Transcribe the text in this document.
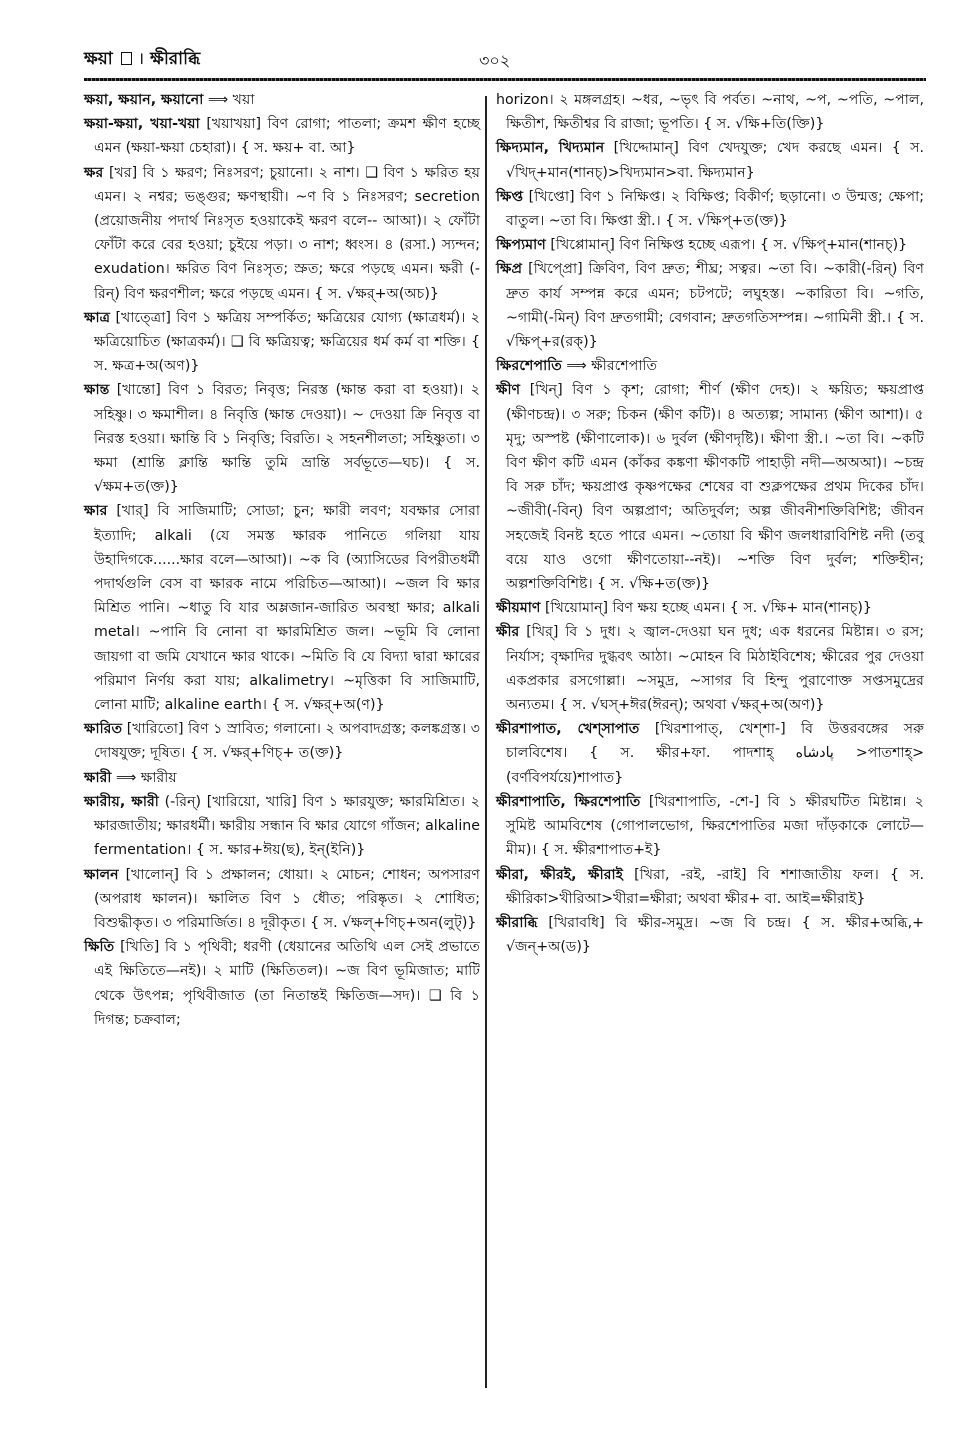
ক্ষয়া । ক্ষীরাব্ধি	৩০২

ক্ষয়া, ক্ষয়ান, ক্ষয়ানো ⟹ খয়া

ক্ষয়া-ক্ষয়া, খয়া-খয়া [খয়াখয়া] বিণ রোগা; পাতলা; ক্রমশ ক্ষীণ হচ্ছে এমন (ক্ষয়া-ক্ষয়া চেহারা)। { স. ক্ষয়+ বা. আ}

ক্ষর [খর] বি ১ ক্ষরণ; নিঃসরণ; চুয়ানো। ২ নাশ। ❑ বিণ ১ ক্ষরিত হয় এমন। ২ নশ্বর; ভঙ্গুর; ক্ষণস্থায়ী। ~ণ বি ১ নিঃসরণ; secretion (প্রয়োজনীয় পদার্থ নিঃসৃত হওয়াকেই ক্ষরণ বলে-- আআ)। ২ ফোঁটা ফোঁটা করে বের হওয়া; চুইয়ে পড়া। ৩ নাশ; ধ্বংস। ৪ (রসা.) স্যন্দন; exudation। ক্ষরিত বিণ নিঃসৃত; স্রুত; ক্ষরে পড়ছে এমন। ক্ষরী (-রিন্) বিণ ক্ষরণশীল; ক্ষরে পড়ছে এমন। { স. √ক্ষর্+অ(অচ)}

ক্ষাত্র [খাত্ত্রো] বিণ ১ ক্ষত্রিয় সম্পর্কিত; ক্ষত্রিয়ের যোগ্য (ক্ষাত্রধর্ম)। ২ ক্ষত্রিয়োচিত (ক্ষাত্রকর্ম)। ❑ বি ক্ষত্রিয়ত্ব; ক্ষত্রিয়ের ধর্ম কর্ম বা শক্তি। { স. ক্ষত্র+অ(অণ)}

ক্ষান্ত [খান্তো] বিণ ১ বিরত; নিবৃত্ত; নিরস্ত (ক্ষান্ত করা বা হওয়া)। ২ সহিষ্ণু। ৩ ক্ষমাশীল। ৪ নিবৃত্তি (ক্ষান্ত দেওয়া)। ~ দেওয়া ক্রি নিবৃত্ত বা নিরস্ত হওয়া। ক্ষান্তি বি ১ নিবৃত্তি; বিরতি। ২ সহনশীলতা; সহিষ্ণুতা। ৩ ক্ষমা (শ্রান্তি ক্লান্তি ক্ষান্তি তুমি ভ্রান্তি সর্বভূতে—ঘচ)। { স. √ক্ষম+ত(ক্ত)}

ক্ষার [খার্] বি সাজিমাটি; সোডা; চুন; ক্ষারী লবণ; যবক্ষার সোরা ইত্যাদি; alkali (যে সমস্ত ক্ষারক পানিতে গলিয়া যায় উহাদিগকে......ক্ষার বলে—আআ)। ~ক বি (অ্যাসিডের বিপরীতধর্মী পদার্থগুলি বেস বা ক্ষারক নামে পরিচিত—আআ)। ~জল বি ক্ষার মিশ্রিত পানি। ~ধাতু বি যার অম্লজান-জারিত অবস্থা ক্ষার; alkali metal। ~পানি বি নোনা বা ক্ষারমিশ্রিত জল। ~ভূমি বি লোনা জায়গা বা জমি যেখানে ক্ষার থাকে। ~মিতি বি যে বিদ্যা দ্বারা ক্ষারের পরিমাণ নির্ণয় করা যায়; alkalimetry। ~মৃত্তিকা বি সাজিমাটি, লোনা মাটি; alkaline earth। { স. √ক্ষর্+অ(ণ)}

ক্ষারিত [খারিতো] বিণ ১ স্রাবিত; গলানো। ২ অপবাদগ্রস্ত; কলঙ্কগ্রস্ত। ৩ দোষযুক্ত; দূষিত। { স. √ক্ষর্+ণিচ্+ ত(ক্ত)}

ক্ষারী ⟹ ক্ষারীয়

ক্ষারীয়, ক্ষারী (-রিন্) [খারিয়ো, খারি] বিণ ১ ক্ষারযুক্ত; ক্ষারমিশ্রিত। ২ ক্ষারজাতীয়; ক্ষারধর্মী। ক্ষারীয় সন্ধান বি ক্ষার যোগে গাঁজন; alkaline fermentation। { স. ক্ষার+ঈয়(ছ), ইন্(ইনি)}

ক্ষালন [খালোন্] বি ১ প্রক্ষালন; ধোয়া। ২ মোচন; শোধন; অপসারণ (অপরাধ ক্ষালন)। ক্ষালিত বিণ ১ ধৌত; পরিষ্কৃত। ২ শোধিত; বিশুদ্ধীকৃত। ৩ পরিমার্জিত। ৪ দূরীকৃত। { স. √ক্ষল্+ণিচ্+অন(লুট্)}

ক্ষিতি [খিতি] বি ১ পৃথিবী; ধরণী (ধেয়ানের অতিথি এল সেই প্রভাতে এই ক্ষিতিতে—নই)। ২ মাটি (ক্ষিতিতল)। ~জ বিণ ভূমিজাত; মাটি থেকে উৎপন্ন; পৃথিবীজাত (তা নিতান্তই ক্ষিতিজ—সদ)। ❑ বি ১ দিগন্ত; চক্রবাল;

horizon। ২ মঙ্গলগ্রহ। ~ধর, ~ভৃৎ বি পর্বত। ~নাথ, ~প, ~পতি, ~পাল, ক্ষিতীশ, ক্ষিতীশ্বর বি রাজা; ভূপতি। { স. √ক্ষি+তি(ক্তি)}

ক্ষিদ্যমান, খিদ্যমান [খিদ্দোমান্] বিণ খেদযুক্ত; খেদ করছে এমন। { স. √খিদ্+মান(শানচ্)>খিদ্যমান>বা. ক্ষিদ্যমান}

ক্ষিপ্ত [খিপ্তো] বিণ ১ নিক্ষিপ্ত। ২ বিক্ষিপ্ত; বিকীর্ণ; ছড়ানো। ৩ উন্মত্ত; ক্ষেপা; বাতুল। ~তা বি। ক্ষিপ্তা স্ত্রী.। { স. √ক্ষিপ্+ত(ক্ত)}

ক্ষিপ্যমাণ [খিপ্পোমান্] বিণ নিক্ষিপ্ত হচ্ছে এরূপ। { স. √ক্ষিপ্+মান(শানচ্)}

ক্ষিপ্র [খিপ্প্রো] ক্রিবিণ, বিণ দ্রুত; শীঘ্র; সত্বর। ~তা বি। ~কারী(-রিন্) বিণ দ্রুত কার্য সম্পন্ন করে এমন; চটপটে; লঘুহস্ত। ~কারিতা বি। ~গতি, ~গামী(-মিন্) বিণ দ্রুতগামী; বেগবান; দ্রুতগতিসম্পন্ন। ~গামিনী স্ত্রী.। { স. √ক্ষিপ্+র(রক্)}

ক্ষিরশেপাতি ⟹ ক্ষীরশেপাতি

ক্ষীণ [খিন্] বিণ ১ কৃশ; রোগা; শীর্ণ (ক্ষীণ দেহ)। ২ ক্ষয়িত; ক্ষয়প্রাপ্ত (ক্ষীণচন্দ্র)। ৩ সরু; চিকন (ক্ষীণ কটি)। ৪ অত্যল্প; সামান্য (ক্ষীণ আশা)। ৫ মৃদু; অস্পষ্ট (ক্ষীণালোক)। ৬ দুর্বল (ক্ষীণদৃষ্টি)। ক্ষীণা স্ত্রী.। ~তা বি। ~কটি বিণ ক্ষীণ কটি এমন (কাঁকর কঙ্কণা ক্ষীণকটি পাহাড়ী নদী—অঅআ)। ~চন্দ্র বি সরু চাঁদ; ক্ষয়প্রাপ্ত কৃষ্ণপক্ষের শেষের বা শুক্লপক্ষের প্রথম দিকের চাঁদ। ~জীবী(-বিন্) বিণ অল্পপ্রাণ; অতিদুর্বল; অল্প জীবনীশক্তিবিশিষ্ট; জীবন সহজেই বিনষ্ট হতে পারে এমন। ~তোয়া বি ক্ষীণ জলধারাবিশিষ্ট নদী (তবু বয়ে যাও ওগো ক্ষীণতোয়া--নই)। ~শক্তি বিণ দুর্বল; শক্তিহীন; অল্পশক্তিবিশিষ্ট। { স. √ক্ষি+ত(ক্ত)}

ক্ষীয়মাণ [খিয়োমান্] বিণ ক্ষয় হচ্ছে এমন। { স. √ক্ষি+ মান(শানচ্)}

ক্ষীর [খির্] বি ১ দুধ। ২ জ্বাল-দেওয়া ঘন দুধ; এক ধরনের মিষ্টান্ন। ৩ রস; নির্যাস; বৃক্ষাদির দুগ্ধবৎ আঠা। ~মোহন বি মিঠাইবিশেষ; ক্ষীরের পুর দেওয়া একপ্রকার রসগোল্লা। ~সমুদ্র, ~সাগর বি হিন্দু পুরাণোক্ত সপ্তসমুদ্রের অন্যতম। { স. √ঘস্+ঈর(ঈরন্); অথবা √ক্ষর্+অ(অণ)}

ক্ষীরশাপাত, খেশ্সাপাত [খিরশাপাত্, খেশ্শা-] বি উত্তরবঙ্গের সরু চালবিশেষ। { স. ক্ষীর+ফা. পাদশাহ্ پادشاه >পাতশাহ্>(বর্ণবিপর্যয়ে)শাপাত}

ক্ষীরশাপাতি, ক্ষিরশেপাতি [খিরশাপাতি, -শে-] বি ১ ক্ষীরঘটিত মিষ্টান্ন। ২ সুমিষ্ট আমবিশেষ (গোপালভোগ, ক্ষিরশেপাতির মজা দাঁড়কাকে লোটে—মীম)। { স. ক্ষীরশাপাত+ই}

ক্ষীরা, ক্ষীরই, ক্ষীরাই [খিরা, -রই, -রাই] বি শশাজাতীয় ফল। { স. ক্ষীরিকা>খীরিআ>খীরা=ক্ষীরা; অথবা ক্ষীর+ বা. আই=ক্ষীরাই}

ক্ষীরাব্ধি [খিরাবধি] বি ক্ষীর-সমুদ্র। ~জ বি চন্দ্র। { স. ক্ষীর+অব্ধি,+ √জন্+অ(ড)}
